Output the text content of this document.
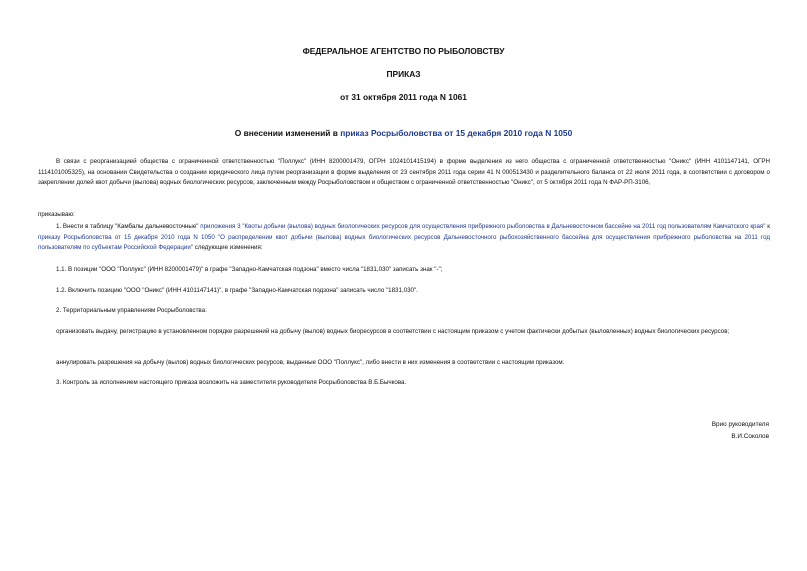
ФЕДЕРАЛЬНОЕ АГЕНТСТВО ПО РЫБОЛОВСТВУ
ПРИКАЗ
от 31 октября 2011 года N 1061
О внесении изменений в приказ Росрыболовства от 15 декабря 2010 года N 1050
В связи с реорганизацией общества с ограниченной ответственностью "Поллукс" (ИНН 8200001479, ОГРН 1024101415194) в форме выделения из него общества с ограниченной ответственностью "Оникс" (ИНН 4101147141, ОГРН 1114101005325), на основании Свидетельства о создании юридического лица путем реорганизации в форме выделения от 23 сентября 2011 года серии 41 N 000513430 и разделительного баланса от 22 июля 2011 года, в соответствии с договором о закреплении долей квот добычи (вылова) водных биологических ресурсов, заключенным между Росрыболовством и обществом с ограниченной ответственностью "Оникс", от 5 октября 2011 года N ФАР-РП-3106,
приказываю:
1. Внести в таблицу "Камбалы дальневосточные" приложения 3 "Квоты добычи (вылова) водных биологических ресурсов для осуществления прибрежного рыболовства в Дальневосточном бассейне на 2011 год пользователям Камчатского края" к приказу Росрыболовства от 15 декабря 2010 года N 1050 "О распределении квот добычи (вылова) водных биологических ресурсов Дальневосточного рыбохозяйственного бассейна для осуществления прибрежного рыболовства на 2011 год пользователям по субъектам Российской Федерации" следующие изменения:
1.1. В позиции "ООО "Поллукс" (ИНН 8200001479)" в графе "Западно-Камчатская подзона" вместо числа "1831,030" записать знак "-";
1.2. Включить позицию "ООО "Оникс" (ИНН 4101147141)", в графе "Западно-Камчатская подзона" записать число "1831,030".
2. Территориальным управлениям Росрыболовства:
организовать выдачу, регистрацию в установленном порядке разрешений на добычу (вылов) водных биоресурсов в соответствии с настоящим приказом с учетом фактически добытых (выловленных) водных биологических ресурсов;
аннулировать разрешения на добычу (вылов) водных биологических ресурсов, выданные ООО "Поллукс", либо внести в них изменения в соответствии с настоящим приказом.
3. Контроль за исполнением настоящего приказа возложить на заместителя руководителя Росрыболовства В.Б.Бычкова.
Врио руководителя
В.И.Соколов
